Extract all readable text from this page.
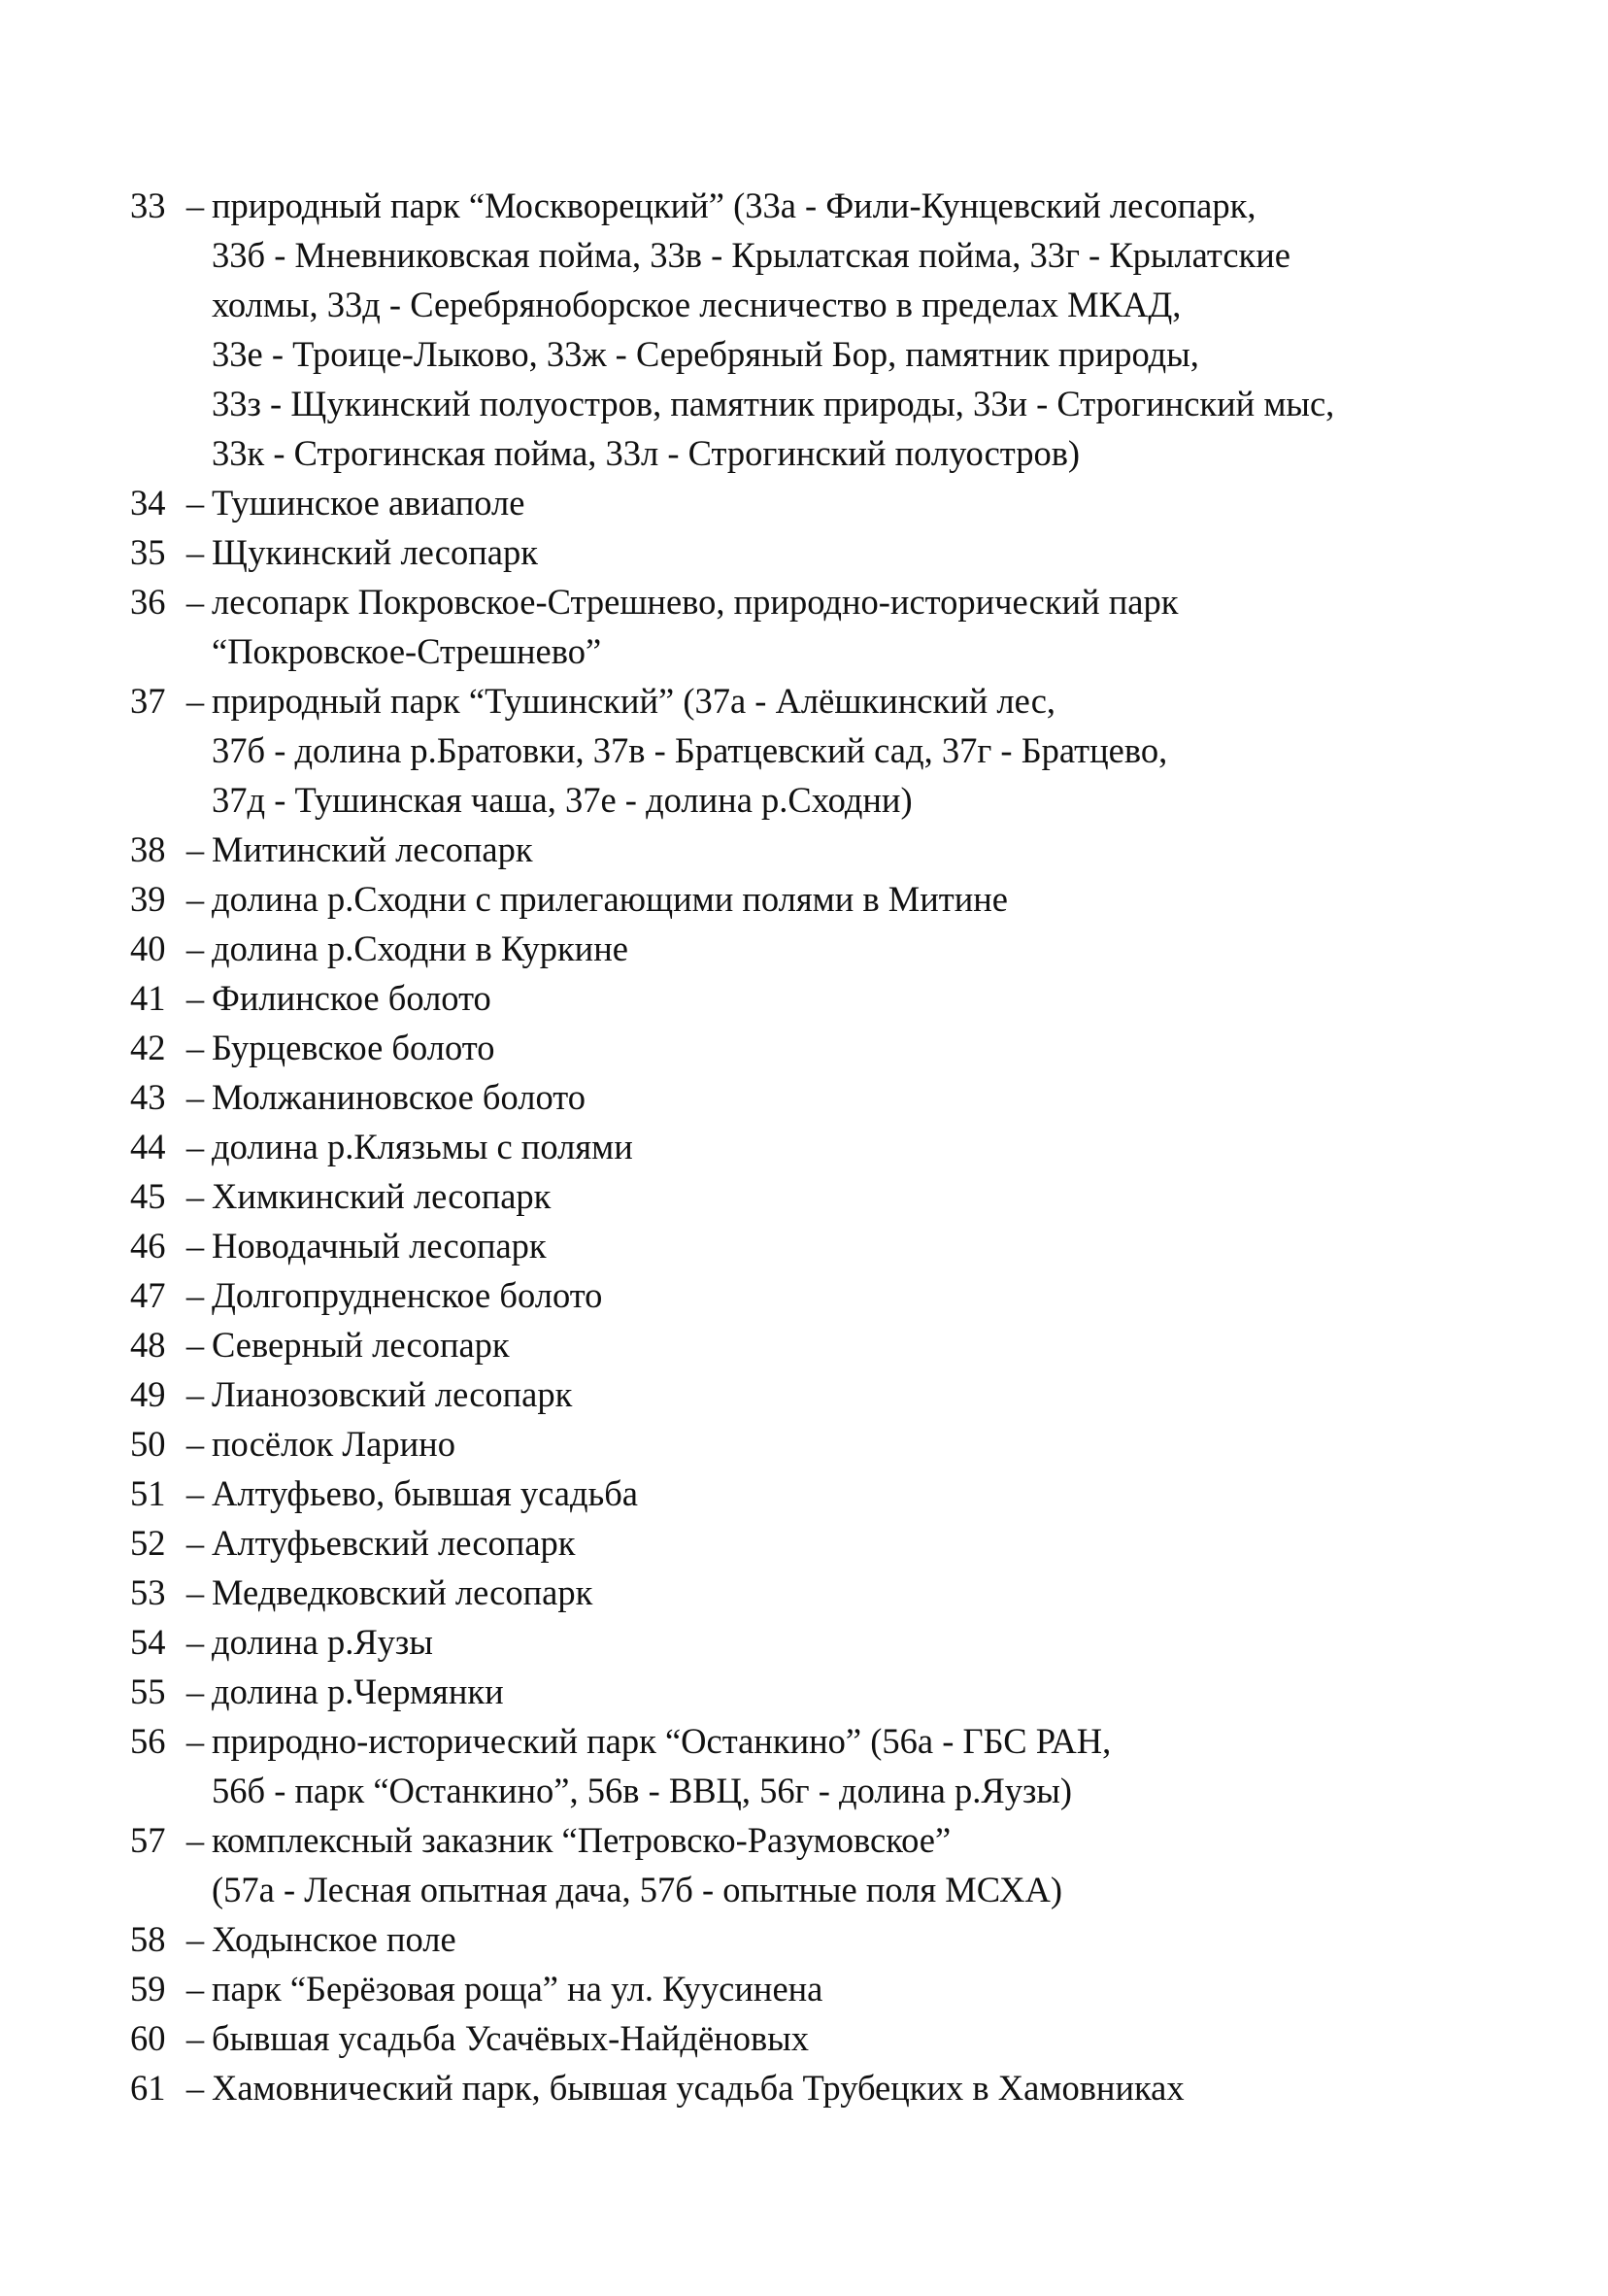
33 – природный парк “Москворецкий” (33а - Фили-Кунцевский лесопарк,
33б - Мневниковская пойма, 33в - Крылатская пойма, 33г - Крылатские
холмы, 33д - Серебряноборское лесничество в пределах МКАД,
33е - Троице-Лыково, 33ж - Серебряный Бор, памятник природы,
33з - Щукинский полуостров, памятник природы, 33и - Строгинский мыс,
33к - Строгинская пойма, 33л - Строгинский полуостров)
34 – Тушинское авиаполе
35 – Щукинский лесопарк
36 – лесопарк Покровское-Стрешнево, природно-исторический парк
“Покровское-Стрешнево”
37 – природный парк “Тушинский” (37а - Алёшкинский лес,
37б - долина р.Братовки, 37в - Братцевский сад, 37г - Братцево,
37д - Тушинская чаша, 37е - долина р.Сходни)
38 – Митинский лесопарк
39 – долина р.Сходни с прилегающими полями в Митине
40 – долина р.Сходни в Куркине
41 – Филинское болото
42 – Бурцевское болото
43 – Молжаниновское болото
44 – долина р.Клязьмы с полями
45 – Химкинский лесопарк
46 – Новодачный лесопарк
47 – Долгопрудненское болото
48 – Северный лесопарк
49 – Лианозовский лесопарк
50 – посёлок Ларино
51 – Алтуфьево, бывшая усадьба
52 – Алтуфьевский лесопарк
53 – Медведковский лесопарк
54 – долина р.Яузы
55 – долина р.Чермянки
56 – природно-исторический парк “Останкино” (56а - ГБС РАН,
56б - парк “Останкино”, 56в - ВВЦ, 56г - долина р.Яузы)
57 – комплексный заказник “Петровско-Разумовское”
(57а - Лесная опытная дача, 57б - опытные поля МСХА)
58 – Ходынское поле
59 – парк “Берёзовая роща” на ул. Куусинена
60 – бывшая усадьба Усачёвых-Найдёновых
61 – Хамовнический парк, бывшая усадьба Трубецких в Хамовниках
